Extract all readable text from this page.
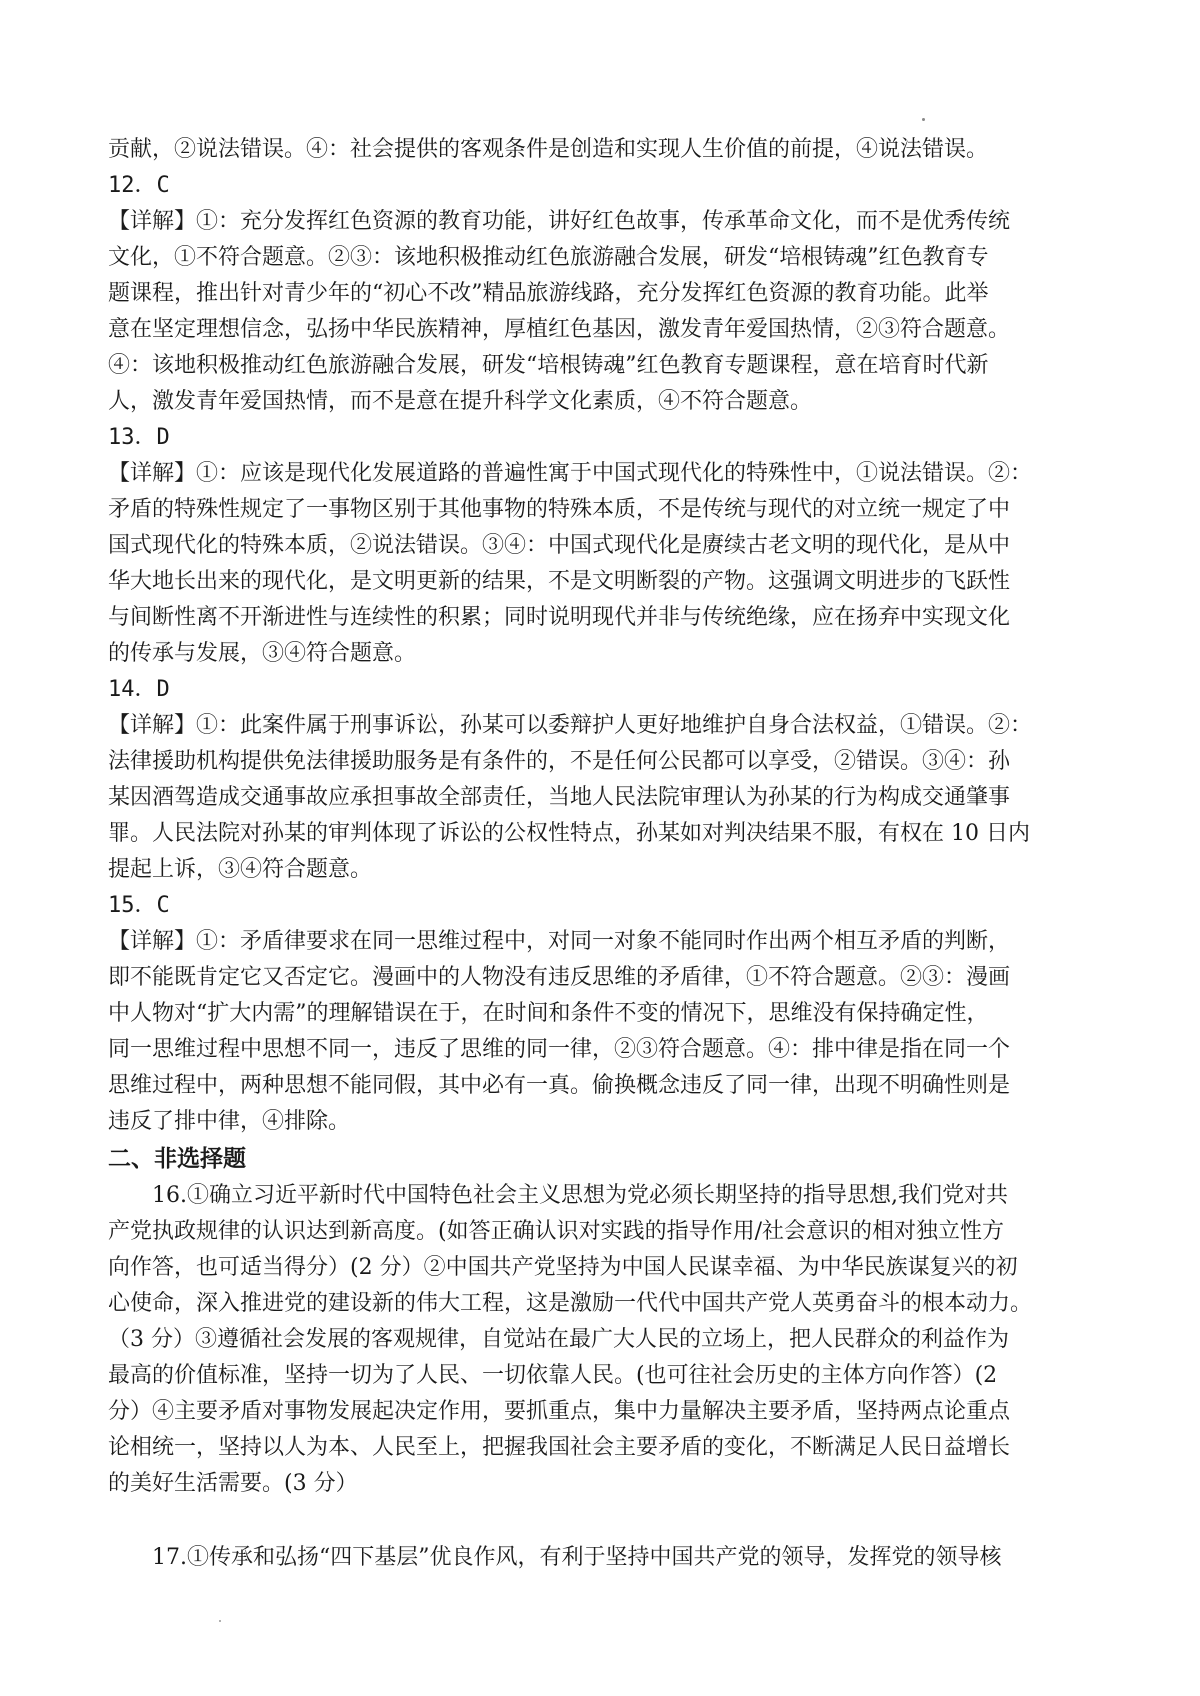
贡献，②说法错误。④：社会提供的客观条件是创造和实现人生价值的前提，④说法错误。
12．C
【详解】①：充分发挥红色资源的教育功能，讲好红色故事，传承革命文化，而不是优秀传统
文化，①不符合题意。②③：该地积极推动红色旅游融合发展，研发“培根铸魂”红色教育专
题课程，推出针对青少年的“初心不改”精品旅游线路，充分发挥红色资源的教育功能。此举
意在坚定理想信念，弘扬中华民族精神，厚植红色基因，激发青年爱国热情，②③符合题意。
④：该地积极推动红色旅游融合发展，研发“培根铸魂”红色教育专题课程，意在培育时代新
人，激发青年爱国热情，而不是意在提升科学文化素质，④不符合题意。
13．D
【详解】①：应该是现代化发展道路的普遍性寓于中国式现代化的特殊性中，①说法错误。②：
矛盾的特殊性规定了一事物区别于其他事物的特殊本质，不是传统与现代的对立统一规定了中
国式现代化的特殊本质，②说法错误。③④：中国式现代化是赓续古老文明的现代化，是从中
华大地长出来的现代化，是文明更新的结果，不是文明断裂的产物。这强调文明进步的飞跃性
与间断性离不开渐进性与连续性的积累；同时说明现代并非与传统绝缘，应在扬弃中实现文化
的传承与发展，③④符合题意。
14．D
【详解】①：此案件属于刑事诉讼，孙某可以委辩护人更好地维护自身合法权益，①错误。②：
法律援助机构提供免法律援助服务是有条件的，不是任何公民都可以享受，②错误。③④：孙
某因酒驾造成交通事故应承担事故全部责任，当地人民法院审理认为孙某的行为构成交通肇事
罪。人民法院对孙某的审判体现了诉讼的公权性特点，孙某如对判决结果不服，有权在 10 日内
提起上诉，③④符合题意。
15．C
【详解】①：矛盾律要求在同一思维过程中，对同一对象不能同时作出两个相互矛盾的判断，
即不能既肯定它又否定它。漫画中的人物没有违反思维的矛盾律，①不符合题意。②③：漫画
中人物对“扩大内需”的理解错误在于，在时间和条件不变的情况下，思维没有保持确定性，
同一思维过程中思想不同一，违反了思维的同一律，②③符合题意。④：排中律是指在同一个
思维过程中，两种思想不能同假，其中必有一真。偷换概念违反了同一律，出现不明确性则是
违反了排中律，④排除。
二、非选择题
16.①确立习近平新时代中国特色社会主义思想为党必须长期坚持的指导思想,我们党对共
产党执政规律的认识达到新高度。(如答正确认识对实践的指导作用/社会意识的相对独立性方
向作答，也可适当得分）(2 分）②中国共产党坚持为中国人民谋幸福、为中华民族谋复兴的初
心使命，深入推进党的建设新的伟大工程，这是激励一代代中国共产党人英勇奋斗的根本动力。
（3 分）③遵循社会发展的客观规律，自觉站在最广大人民的立场上，把人民群众的利益作为
最高的价值标准，坚持一切为了人民、一切依靠人民。(也可往社会历史的主体方向作答）(2
分）④主要矛盾对事物发展起决定作用，要抓重点，集中力量解决主要矛盾，坚持两点论重点
论相统一，坚持以人为本、人民至上，把握我国社会主要矛盾的变化，不断满足人民日益增长
的美好生活需要。(3 分）
17.①传承和弘扬“四下基层”优良作风，有利于坚持中国共产党的领导，发挥党的领导核
